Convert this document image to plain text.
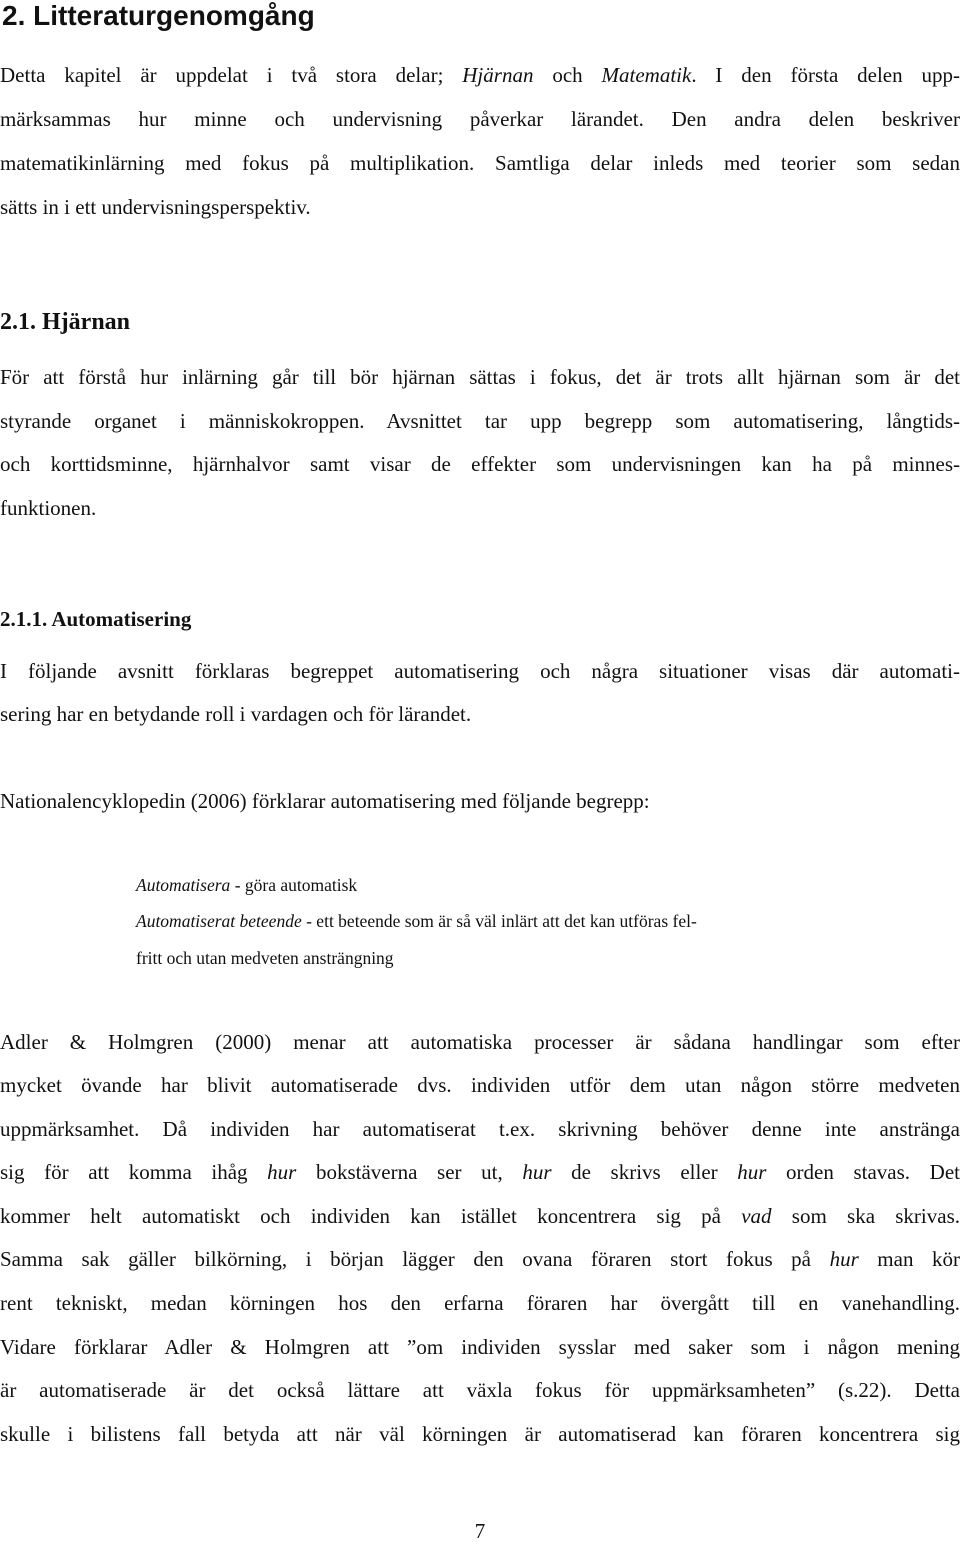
2. Litteraturgenomgång
Detta kapitel är uppdelat i två stora delar; Hjärnan och Matematik. I den första delen upp-
märksammas hur minne och undervisning påverkar lärandet. Den andra delen beskriver
matematikinlärning med fokus på multiplikation. Samtliga delar inleds med teorier som sedan
sätts in i ett undervisningsperspektiv.
2.1. Hjärnan
För att förstå hur inlärning går till bör hjärnan sättas i fokus, det är trots allt hjärnan som är det
styrande organet i människokroppen. Avsnittet tar upp begrepp som automatisering, långtids-
och korttidsminne, hjärnhalvor samt visar de effekter som undervisningen kan ha på minnes-
funktionen.
2.1.1. Automatisering
I följande avsnitt förklaras begreppet automatisering och några situationer visas där automati-
sering har en betydande roll i vardagen och för lärandet.
Nationalencyklopedin (2006) förklarar automatisering med följande begrepp:
Automatisera - göra automatisk
Automatiserat beteende - ett beteende som är så väl inlärt att det kan utföras fel-
fritt och utan medveten ansträngning
Adler & Holmgren (2000) menar att automatiska processer är sådana handlingar som efter
mycket övande har blivit automatiserade dvs. individen utför dem utan någon större medveten
uppmärksamhet. Då individen har automatiserat t.ex. skrivning behöver denne inte anstränga
sig för att komma ihåg hur bokstäverna ser ut, hur de skrivs eller hur orden stavas. Det
kommer helt automatiskt och individen kan istället koncentrera sig på vad som ska skrivas.
Samma sak gäller bilkörning, i början lägger den ovana föraren stort fokus på hur man kör
rent tekniskt, medan körningen hos den erfarna föraren har övergått till en vanehandling.
Vidare förklarar Adler & Holmgren att ”om individen sysslar med saker som i någon mening
är automatiserade är det också lättare att växla fokus för uppmärksamheten” (s.22). Detta
skulle i bilistens fall betyda att när väl körningen är automatiserad kan föraren koncentrera sig
7
